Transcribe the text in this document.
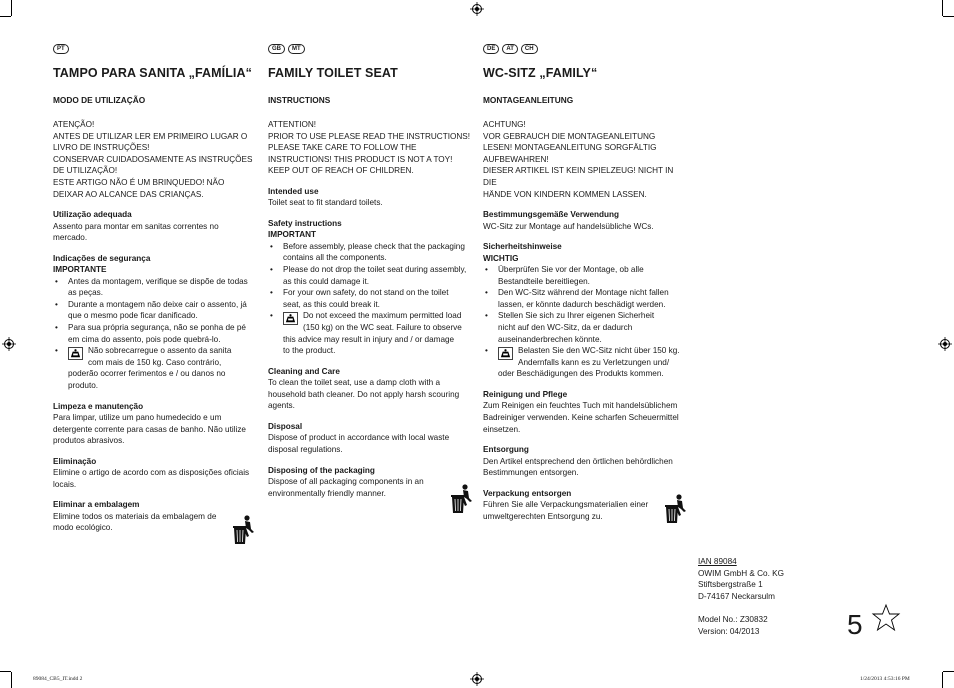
PT
TAMPO PARA SANITA „FAMÍLIA“
MODO DE UTILIZAÇÃO
ATENÇÃO!
ANTES DE UTILIZAR LER EM PRIMEIRO LUGAR O
LIVRO DE INSTRUÇÕES!
CONSERVAR CUIDADOSAMENTE AS INSTRUÇÕES
DE UTILIZAÇÃO!
ESTE ARTIGO NÃO É UM BRINQUEDO! NÃO
DEIXAR AO ALCANCE DAS CRIANÇAS.
Utilização adequada
Assento para montar em sanitas correntes no
mercado.
Indicações de segurança
IMPORTANTE
• Antes da montagem, verifique se dispõe de todas
as peças.
• Durante a montagem não deixe cair o assento, já
que o mesmo pode ficar danificado.
• Para sua própria segurança, não se ponha de pé
em cima do assento, pois pode quebrá-lo.
• Não sobrecarregue o assento da sanita
com mais de 150 kg. Caso contrário,
poderão ocorrer ferimentos e / ou danos no
produto.
Limpeza e manutenção
Para limpar, utilize um pano humedecido e um
detergente corrente para casas de banho. Não utilize
produtos abrasivos.
Eliminação
Elimine o artigo de acordo com as disposições oficiais
locais.
Eliminar a embalagem
Elimine todos os materiais da embalagem de
modo ecológico.
GB	MT
FAMILY TOILET SEAT
INSTRUCTIONS
ATTENTION!
PRIOR TO USE PLEASE READ THE INSTRUCTIONS!
PLEASE TAKE CARE TO FOLLOW THE
INSTRUCTIONS! THIS PRODUCT IS NOT A TOY!
KEEP OUT OF REACH OF CHILDREN.
Intended use
Toilet seat to fit standard toilets.
Safety instructions
IMPORTANT
• Before assembly, please check that the packaging
contains all the components.
• Please do not drop the toilet seat during assembly,
as this could damage it.
• For your own safety, do not stand on the toilet
seat, as this could break it.
• Do not exceed the maximum permitted load
(150 kg) on the WC seat. Failure to observe
this advice may result in injury and / or damage
to the product.
Cleaning and Care
To clean the toilet seat, use a damp cloth with a
household bath cleaner. Do not apply harsh scouring
agents.
Disposal
Dispose of product in accordance with local waste
disposal regulations.
Disposing of the packaging
Dispose of all packaging components in an
environmentally friendly manner.
DE	AT	CH
WC-SITZ „FAMILY“
MONTAGEANLEITUNG
ACHTUNG!
VOR GEBRAUCH DIE MONTAGEANLEITUNG
LESEN! MONTAGEANLEITUNG SORGFÄLTIG
AUFBEWAHREN!
DIESER ARTIKEL IST KEIN SPIELZEUG! NICHT IN DIE
HÄNDE VON KINDERN KOMMEN LASSEN.
Bestimmungsgemäße Verwendung
WC-Sitz zur Montage auf handelsübliche WCs.
Sicherheitshinweise
WICHTIG
• Überprüfen Sie vor der Montage, ob alle
Bestandteile bereitliegen.
• Den WC-Sitz während der Montage nicht fallen
lassen, er könnte dadurch beschädigt werden.
• Stellen Sie sich zu Ihrer eigenen Sicherheit
nicht auf den WC-Sitz, da er dadurch
auseinanderbrechen könnte.
• Belasten Sie den WC-Sitz nicht über 150 kg.
Andernfalls kann es zu Verletzungen und/
oder Beschädigungen des Produkts kommen.
Reinigung und Pflege
Zum Reinigen ein feuchtes Tuch mit handelsüblichem
Badreiniger verwenden. Keine scharfen Scheuermittel
einsetzen.
Entsorgung
Den Artikel entsprechend den örtlichen behördlichen
Bestimmungen entsorgen.
Verpackung entsorgen
Führen Sie alle Verpackungsmaterialien einer
umweltgerechten Entsorgung zu.
IAN 89084
OWIM GmbH & Co. KG
Stiftsbergstraße 1
D-74167 Neckarsulm
Model No.: Z30832
Version: 04/2013	5
89084_CB5_IT.indd 2	1/24/2013 4:53:16 PM
